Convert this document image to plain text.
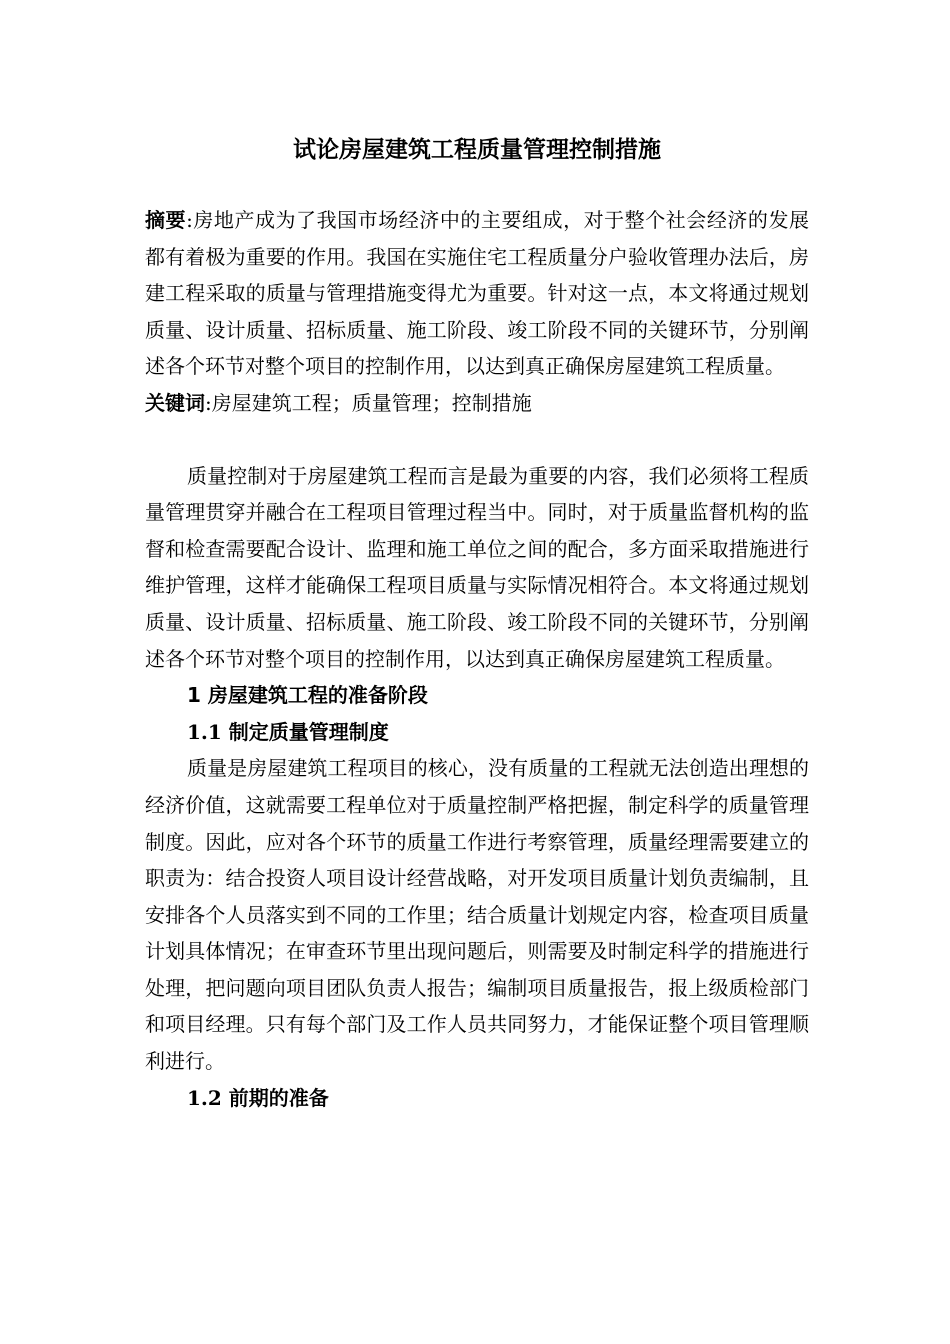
试论房屋建筑工程质量管理控制措施

摘要:房地产成为了我国市场经济中的主要组成，对于整个社会经济的发展都有着极为重要的作用。我国在实施住宅工程质量分户验收管理办法后，房建工程采取的质量与管理措施变得尤为重要。针对这一点，本文将通过规划质量、设计质量、招标质量、施工阶段、竣工阶段不同的关键环节，分别阐述各个环节对整个项目的控制作用，以达到真正确保房屋建筑工程质量。

关键词:房屋建筑工程；质量管理；控制措施

质量控制对于房屋建筑工程而言是最为重要的内容，我们必须将工程质量管理贯穿并融合在工程项目管理过程当中。同时，对于质量监督机构的监督和检查需要配合设计、监理和施工单位之间的配合，多方面采取措施进行维护管理，这样才能确保工程项目质量与实际情况相符合。本文将通过规划质量、设计质量、招标质量、施工阶段、竣工阶段不同的关键环节，分别阐述各个环节对整个项目的控制作用，以达到真正确保房屋建筑工程质量。

1 房屋建筑工程的准备阶段
1.1 制定质量管理制度

质量是房屋建筑工程项目的核心，没有质量的工程就无法创造出理想的经济价值，这就需要工程单位对于质量控制严格把握，制定科学的质量管理制度。因此，应对各个环节的质量工作进行考察管理，质量经理需要建立的职责为：结合投资人项目设计经营战略，对开发项目质量计划负责编制，且安排各个人员落实到不同的工作里；结合质量计划规定内容，检查项目质量计划具体情况；在审查环节里出现问题后，则需要及时制定科学的措施进行处理，把问题向项目团队负责人报告；编制项目质量报告，报上级质检部门和项目经理。只有每个部门及工作人员共同努力，才能保证整个项目管理顺利进行。

1.2 前期的准备
